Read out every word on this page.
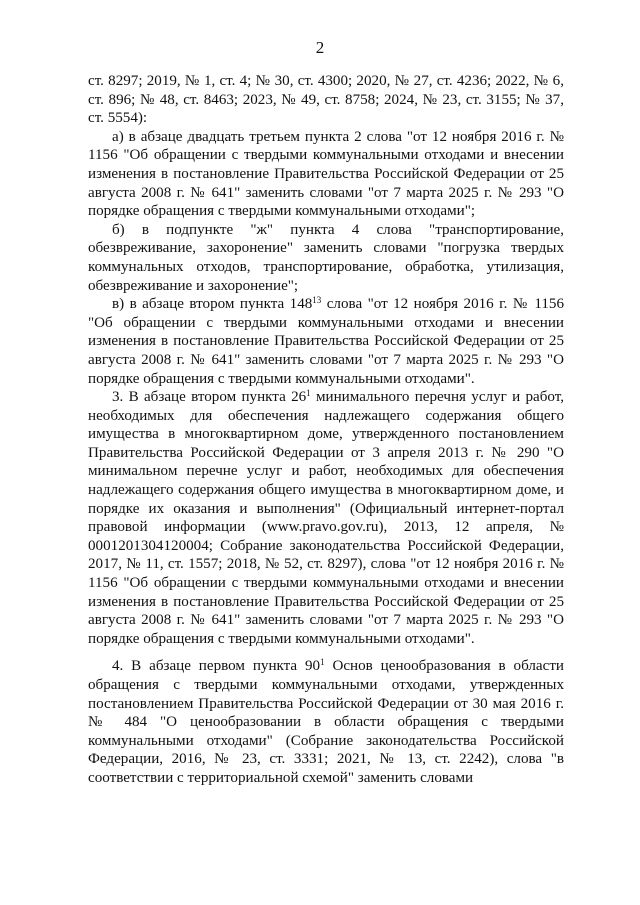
2

ст. 8297; 2019, № 1, ст. 4; № 30, ст. 4300; 2020, № 27, ст. 4236; 2022, № 6, ст. 896; № 48, ст. 8463; 2023, № 49, ст. 8758; 2024, № 23, ст. 3155; № 37, ст. 5554):

а) в абзаце двадцать третьем пункта 2 слова "от 12 ноября 2016 г. № 1156 "Об обращении с твердыми коммунальными отходами и внесении изменения в постановление Правительства Российской Федерации от 25 августа 2008 г. № 641" заменить словами "от 7 марта 2025 г. № 293 "О порядке обращения с твердыми коммунальными отходами";

б) в подпункте "ж" пункта 4 слова "транспортирование, обезвреживание, захоронение" заменить словами "погрузка твердых коммунальных отходов, транспортирование, обработка, утилизация, обезвреживание и захоронение";

в) в абзаце втором пункта $148^{13}$ слова "от 12 ноября 2016 г. № 1156 "Об обращении с твердыми коммунальными отходами и внесении изменения в постановление Правительства Российской Федерации от 25 августа 2008 г. № 641" заменить словами "от 7 марта 2025 г. № 293 "О порядке обращения с твердыми коммунальными отходами".

3. В абзаце втором пункта $26^1$ минимального перечня услуг и работ, необходимых для обеспечения надлежащего содержания общего имущества в многоквартирном доме, утвержденного постановлением Правительства Российской Федерации от 3 апреля 2013 г. № 290 "О минимальном перечне услуг и работ, необходимых для обеспечения надлежащего содержания общего имущества в многоквартирном доме, и порядке их оказания и выполнения" (Официальный интернет-портал правовой информации (www.pravo.gov.ru), 2013, 12 апреля, № 0001201304120004; Собрание законодательства Российской Федерации, 2017, № 11, ст. 1557; 2018, № 52, ст. 8297), слова "от 12 ноября 2016 г. № 1156 "Об обращении с твердыми коммунальными отходами и внесении изменения в постановление Правительства Российской Федерации от 25 августа 2008 г. № 641" заменить словами "от 7 марта 2025 г. № 293 "О порядке обращения с твердыми коммунальными отходами".

4. В абзаце первом пункта $90^1$ Основ ценообразования в области обращения с твердыми коммунальными отходами, утвержденных постановлением Правительства Российской Федерации от 30 мая 2016 г. № 484 "О ценообразовании в области обращения с твердыми коммунальными отходами" (Собрание законодательства Российской Федерации, 2016, № 23, ст. 3331; 2021, № 13, ст. 2242), слова "в соответствии с территориальной схемой" заменить словами
